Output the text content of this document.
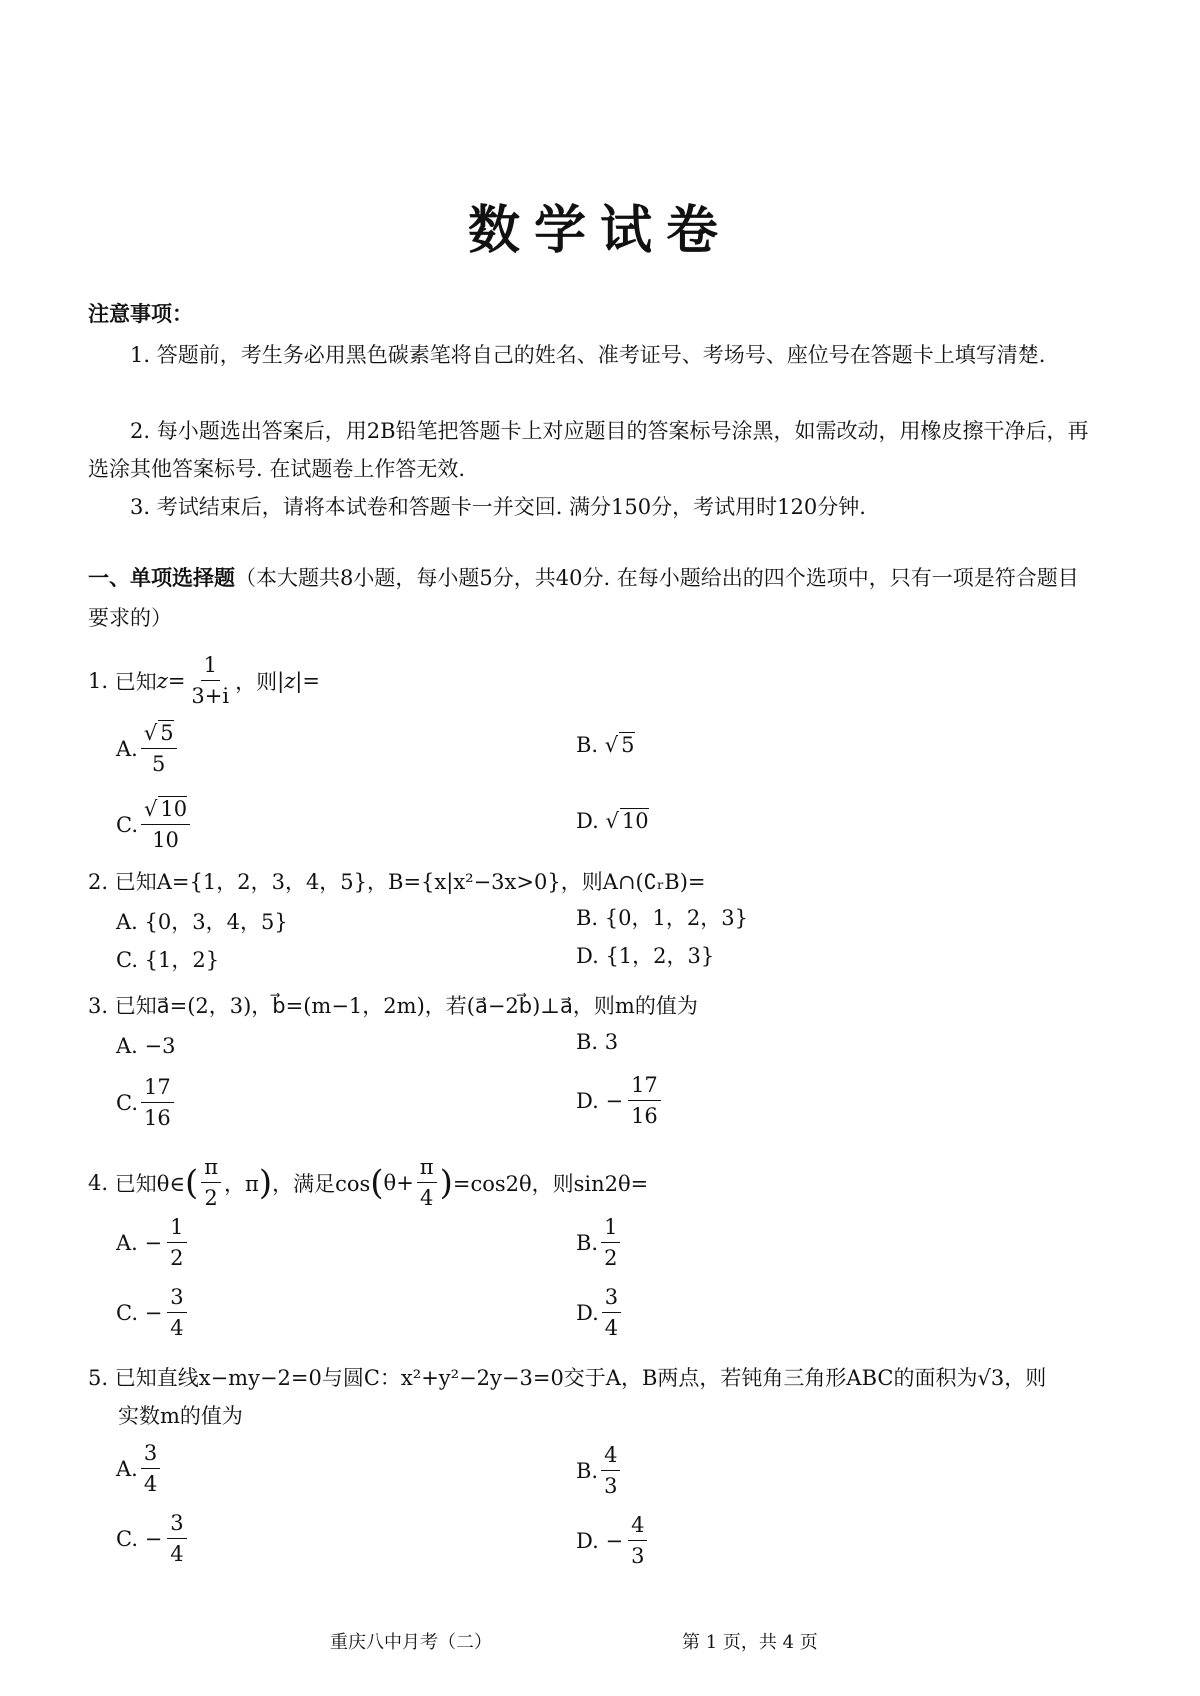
数学试卷
注意事项：
1. 答题前，考生务必用黑色碳素笔将自己的姓名、准考证号、考场号、座位号在答题卡上填写清楚.
2. 每小题选出答案后，用2B铅笔把答题卡上对应题目的答案标号涂黑，如需改动，用橡皮擦干净后，再选涂其他答案标号. 在试题卷上作答无效.
3. 考试结束后，请将本试卷和答题卡一并交回. 满分150分，考试用时120分钟.
一、单项选择题（本大题共8小题，每小题5分，共40分. 在每小题给出的四个选项中，只有一项是符合题目要求的）
1.
已知 $z = \frac{1}{3+i}$ ，则 | z |=
A. $\frac{√ 5}{5}$	B. √ 5
C. $\frac{√ 10}{10}$	D. √ 10
2. 已知A={1，2，3，4，5}，B={x|x²−3x>0}，则A∩(∁ᵣB)=
A. {0，3，4，5}	B. {0，1，2，3}
C. {1，2}	D. {1，2，3}
3. 已知a⃗=(2，3)，b⃗=(m−1，2m)，若(a⃗−2b⃗)⊥a⃗，则m的值为
A. −3	B. 3
C. $\frac{17}{16}$	D.
− $\frac{17}{16}$
4.
已知θ∈ ( $\frac{\pi}{2}$ ，π ) ，满足cos ( $\theta+ \frac{\pi}{4}$ ) =cos2θ，则sin2θ=
A.
− $\frac{1}{2}$	B. $\frac{1}{2}$
C.
− $\frac{3}{4}$	D. $\frac{3}{4}$
5. 已知直线x−my−2=0与圆C：x²+y²−2y−3=0交于A，B两点，若钝角三角形ABC的面积为√3，则
实数m的值为
A. $\frac{3}{4}$	B. $\frac{4}{3}$
C.
− $\frac{3}{4}$	D.
− $\frac{4}{3}$
重庆八中月考（二）	第 1 页，共 4 页
